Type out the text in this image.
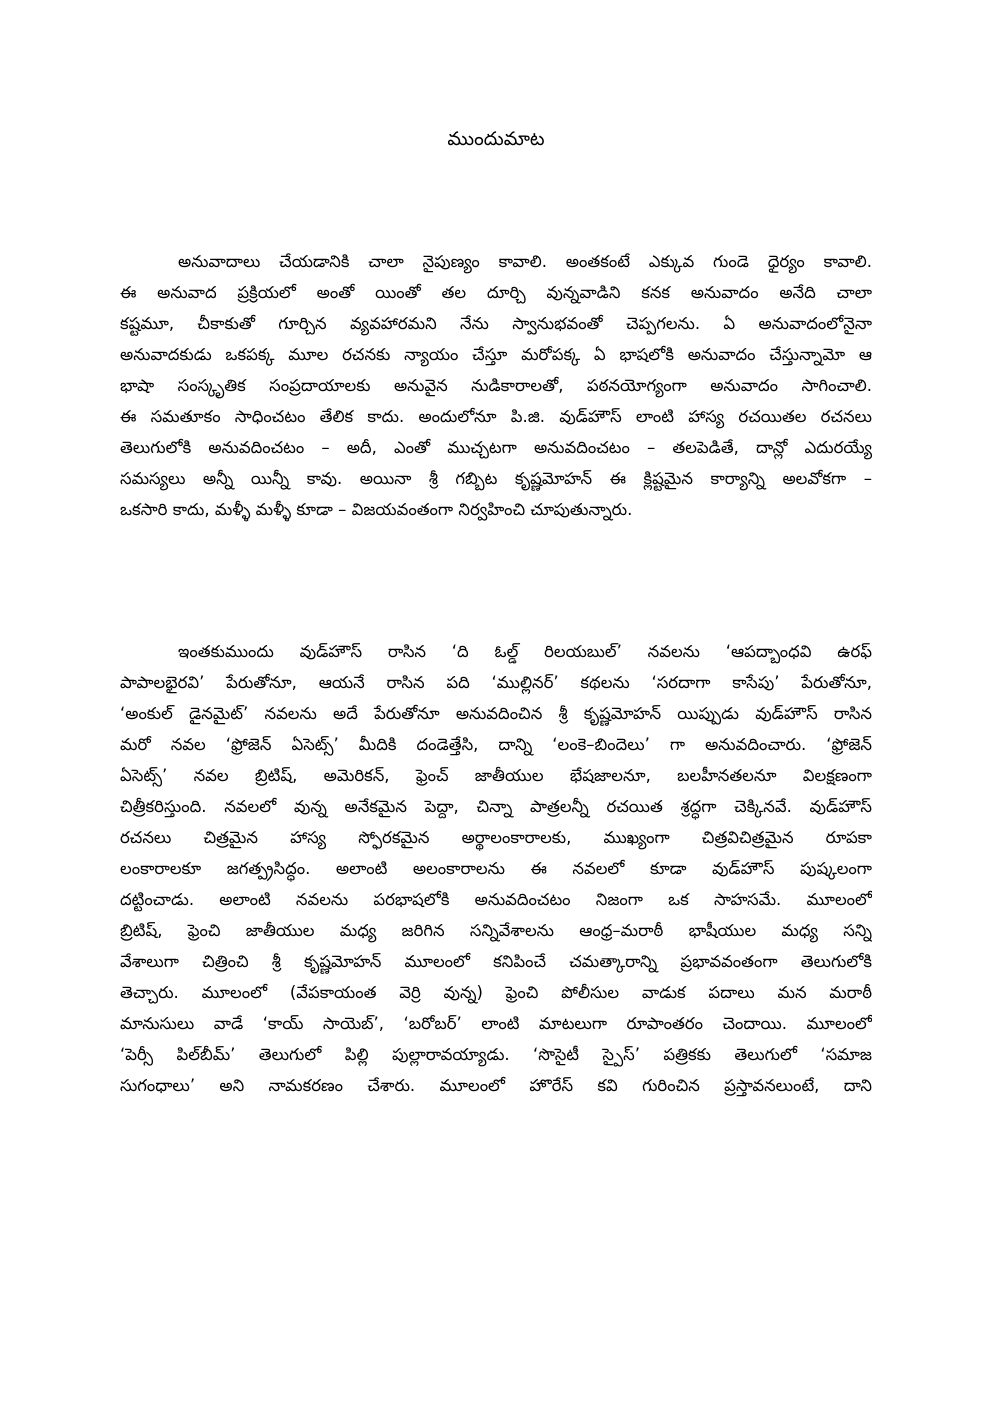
ముందుమాట
అనువాదాలు చేయడానికి చాలా నైపుణ్యం కావాలి. అంతకంటే ఎక్కువ గుండె ధైర్యం కావాలి.
ఈ అనువాద ప్రక్రియలో అంతో యింతో తల దూర్చి వున్నవాడిని కనక అనువాదం అనేది చాలా
కష్టమూ, చీకాకుతో గూర్చిన వ్యవహారమని నేను స్వానుభవంతో చెప్పగలను. ఏ అనువాదంలోనైనా
అనువాదకుడు ఒకపక్క మూల రచనకు న్యాయం చేస్తూ మరోపక్క ఏ భాషలోకి అనువాదం చేస్తున్నామో ఆ
భాషా సంస్కృతిక సంప్రదాయాలకు అనువైన నుడికారాలతో, పఠనయోగ్యంగా అనువాదం సాగించాలి.
ఈ సమతూకం సాధించటం తేలిక కాదు. అందులోనూ పి.జి. వుడ్‌హౌస్ లాంటి హాస్య రచయితల రచనలు
తెలుగులోకి అనువదించటం – అదీ, ఎంతో ముచ్చటగా అనువదించటం – తలపెడితే, దాన్లో ఎదురయ్యే
సమస్యలు అన్నీ యిన్నీ కావు. అయినా శ్రీ గబ్బిట కృష్ణమోహన్ ఈ క్లిష్టమైన కార్యాన్ని అలవోకగా –
ఒకసారి కాదు, మళ్ళీ మళ్ళీ కూడా – విజయవంతంగా నిర్వహించి చూపుతున్నారు.
ఇంతకుముందు వుడ్‌హౌస్ రాసిన ‘ది ఓల్డ్ రిలయబుల్’ నవలను ‘ఆపద్బాంధవి ఉరఫ్
పాపాలభైరవి’ పేరుతోనూ, ఆయనే రాసిన పది ‘ముల్లినర్’ కథలను ‘సరదాగా కాసేపు’ పేరుతోనూ,
‘అంకుల్ డైనమైట్’ నవలను అదే పేరుతోనూ అనువదించిన శ్రీ కృష్ణమోహన్ యిప్పుడు వుడ్‌హౌస్ రాసిన
మరో నవల ‘ఫ్రోజెన్ ఏసెట్స్’ మీదికి దండెత్తేసి, దాన్ని ‘లంకె–బిందెలు’ గా అనువదించారు. ‘ఫ్రోజెన్
ఏసెట్స్’ నవల బ్రిటిష్, అమెరికన్, ఫ్రెంచ్ జాతీయుల భేషజాలనూ, బలహీనతలనూ విలక్షణంగా
చిత్రీకరిస్తుంది. నవలలో వున్న అనేకమైన పెద్దా, చిన్నా పాత్రలన్నీ రచయిత శ్రద్ధగా చెక్కినవే. వుడ్‌హౌస్
రచనలు చిత్రమైన హాస్య స్ఫోరకమైన అర్థాలంకారాలకు, ముఖ్యంగా చిత్రవిచిత్రమైన రూపకా
లంకారాలకూ జగత్ప్రసిద్ధం. అలాంటి అలంకారాలను ఈ నవలలో కూడా వుడ్‌హౌస్ పుష్కలంగా
దట్టించాడు. అలాంటి నవలను పరభాషలోకి అనువదించటం నిజంగా ఒక సాహసమే. మూలంలో
బ్రిటిష్, ఫ్రెంచి జాతీయుల మధ్య జరిగిన సన్నివేశాలను ఆంధ్ర–మరాఠీ భాషీయుల మధ్య సన్ని
వేశాలుగా చిత్రించి శ్రీ కృష్ణమోహన్ మూలంలో కనిపించే చమత్కారాన్ని ప్రభావవంతంగా తెలుగులోకి
తెచ్చారు. మూలంలో (వేపకాయంత వెర్రి వున్న) ఫ్రెంచి పోలీసుల వాడుక పదాలు మన మరాఠీ
మానుసులు వాడే ‘కాయ్ సాయెబ్’, ‘బరోబర్’ లాంటి మాటలుగా రూపాంతరం చెందాయి. మూలంలో
‘పెర్సీ పిల్‌బీమ్’ తెలుగులో పిల్లి పుల్లారావయ్యాడు. ‘సొసైటీ స్పైస్’ పత్రికకు తెలుగులో ‘సమాజ
సుగంధాలు’ అని నామకరణం చేశారు. మూలంలో హొరేస్ కవి గురించిన ప్రస్తావనలుంటే, దాని
